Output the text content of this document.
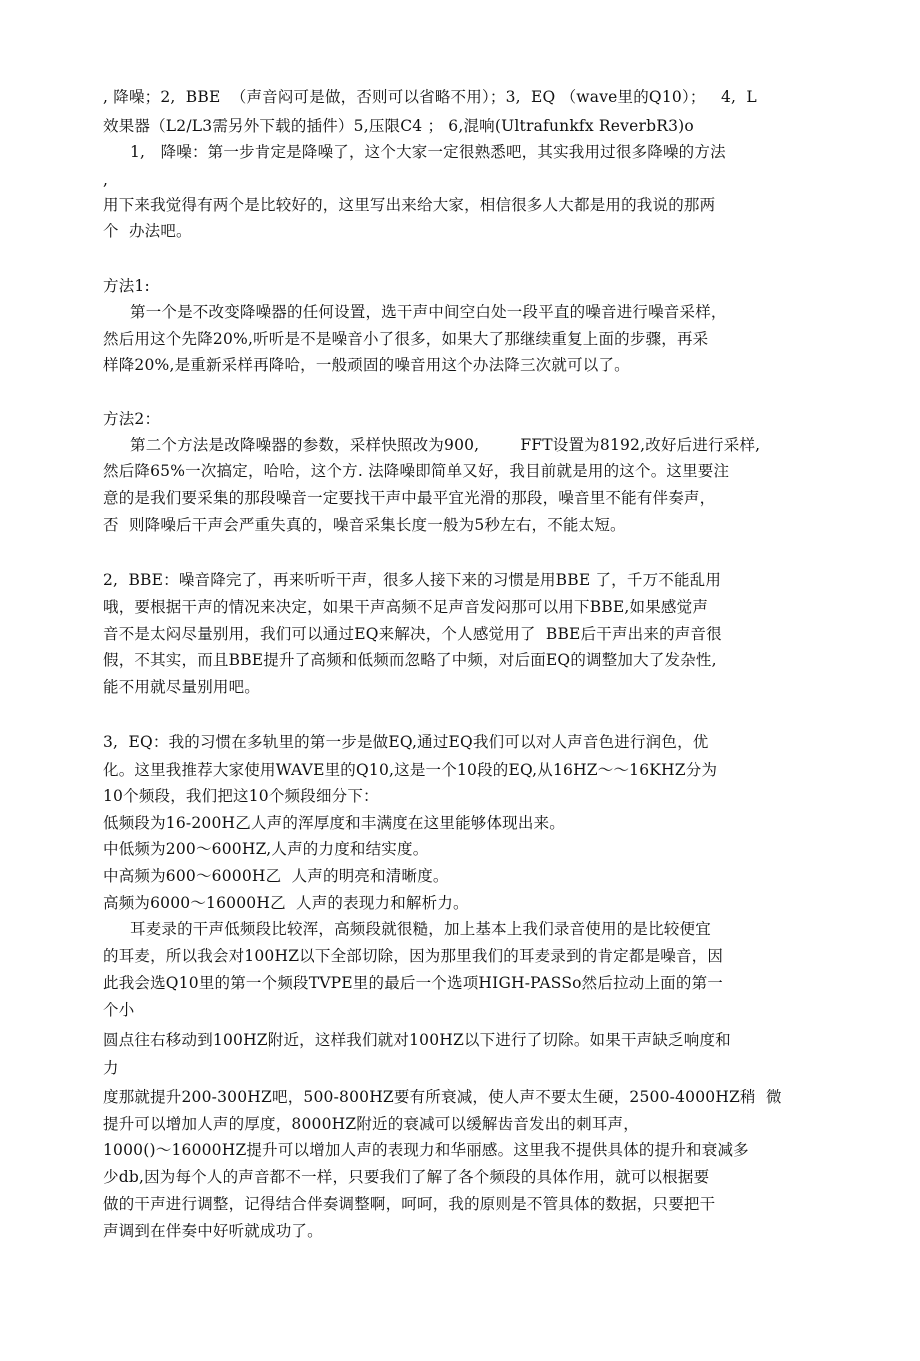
, 降噪；2,  BBE  （声音闷可是做，否则可以省略不用）；3,  EQ （wave里的Q10）；   4,  L
效果器（L2/L3需另外下载的插件）5,压限C4 ； 6,混响(Ultrafunkfx ReverbR3)o
1,   降噪：第一步肯定是降噪了，这个大家一定很熟悉吧，其实我用过很多降噪的方法
,
用下来我觉得有两个是比较好的，这里写出来给大家，相信很多人大都是用的我说的那两
个  办法吧。
方法1:
第一个是不改变降噪器的任何设置，选干声中间空白处一段平直的噪音进行噪音采样，
然后用这个先降20%,听听是不是噪音小了很多，如果大了那继续重复上面的步骤，再采
样降20%,是重新采样再降哈，一般顽固的噪音用这个办法降三次就可以了。
方法2：
第二个方法是改降噪器的参数，采样快照改为900,        FFT设置为8192,改好后进行采样,
然后降65%一次搞定，哈哈，这个方. 法降噪即简单又好，我目前就是用的这个。这里要注
意的是我们要采集的那段噪音一定要找干声中最平宜光滑的那段，噪音里不能有伴奏声，
否  则降噪后干声会严重失真的，噪音采集长度一般为5秒左右，不能太短。
2,  BBE：噪音降完了，再来听听干声，很多人接下来的习惯是用BBE 了，千万不能乱用
哦，要根据干声的情况来决定，如果干声高频不足声音发闷那可以用下BBE,如果感觉声
音不是太闷尽量别用，我们可以通过EQ来解决，个人感觉用了  BBE后干声出来的声音很
假，不其实，而且BBE提升了高频和低频而忽略了中频，对后面EQ的调整加大了发杂性,
能不用就尽量别用吧。
3,  EQ：我的习惯在多轨里的第一步是做EQ,通过EQ我们可以对人声音色进行润色，优
化。这里我推荐大家使用WAVE里的Q10,这是一个10段的EQ,从16HZ〜〜16KHZ分为
10个频段，我们把这10个频段细分下：
低频段为16-200H乙人声的浑厚度和丰满度在这里能够体现出来。
中低频为200〜600HZ,人声的力度和结实度。
中高频为600〜6000H乙  人声的明亮和清晰度。
高频为6000〜16000H乙  人声的表现力和解析力。
耳麦录的干声低频段比较浑，高频段就很糙，加上基本上我们录音使用的是比较便宜
的耳麦，所以我会对100HZ以下全部切除，因为那里我们的耳麦录到的肯定都是噪音，因
此我会选Q10里的第一个频段TVPE里的最后一个选项HIGH-PASSo然后拉动上面的第一
个小
圆点往右移动到100HZ附近，这样我们就对100HZ以下进行了切除。如果干声缺乏响度和
力
度那就提升200-300HZ吧，500-800HZ要有所衰减，使人声不要太生硬，2500-4000HZ稍  微
提升可以增加人声的厚度，8000HZ附近的衰减可以缓解齿音发出的刺耳声，
1000()〜16000HZ提升可以增加人声的表现力和华丽感。这里我不提供具体的提升和衰减多
少db,因为每个人的声音都不一样，只要我们了解了各个频段的具体作用，就可以根据要
做的干声进行调整，记得结合伴奏调整啊，呵呵，我的原则是不管具体的数据，只要把干
声调到在伴奏中好听就成功了。
